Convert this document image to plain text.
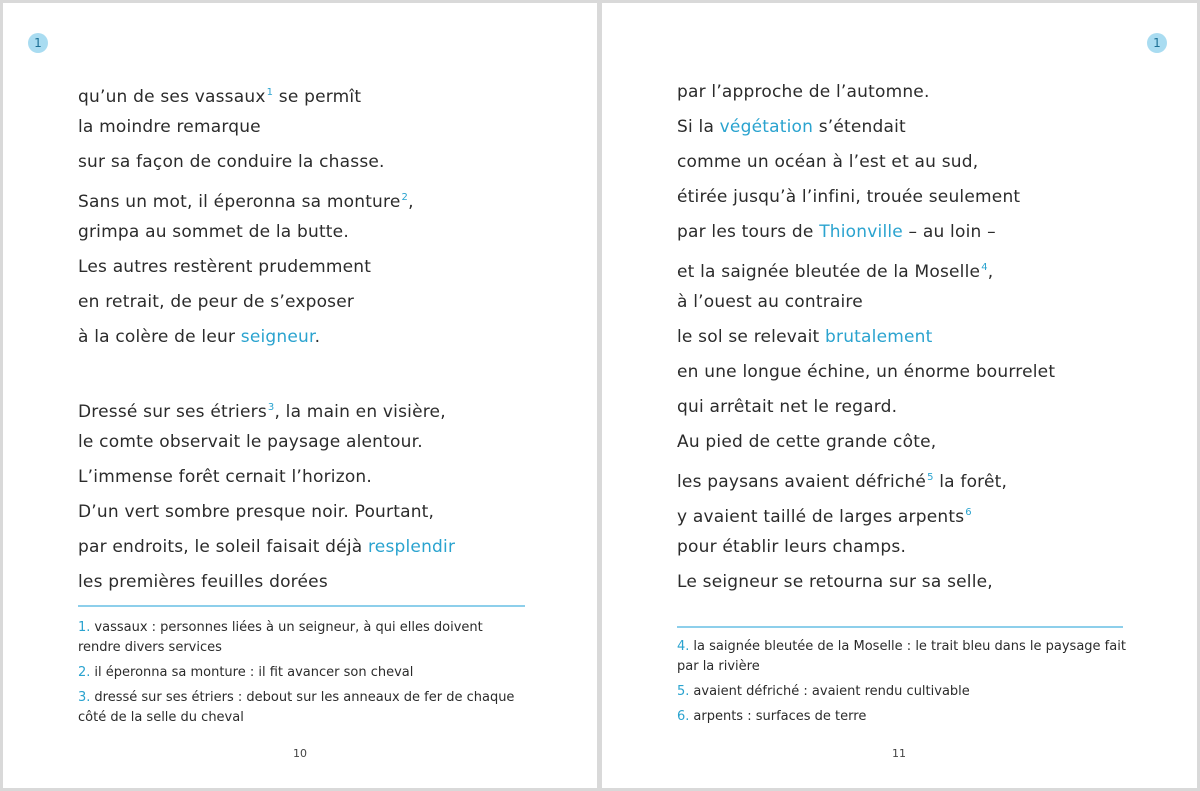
1
qu’un de ses vassaux$^1$ se permît
la moindre remarque
sur sa façon de conduire la chasse.
Sans un mot, il éperonna sa monture$^2$,
grimpa au sommet de la butte.
Les autres restèrent prudemment
en retrait, de peur de s’exposer
à la colère de leur seigneur.
Dressé sur ses étriers$^3$, la main en visière,
le comte observait le paysage alentour.
L’immense forêt cernait l’horizon.
D’un vert sombre presque noir. Pourtant,
par endroits, le soleil faisait déjà resplendir
les premières feuilles dorées
1. vassaux : personnes liées à un seigneur, à qui elles doivent rendre divers services
2. il éperonna sa monture : il fit avancer son cheval
3. dressé sur ses étriers : debout sur les anneaux de fer de chaque côté de la selle du cheval
10
1
par l’approche de l’automne.
Si la végétation s’étendait
comme un océan à l’est et au sud,
étirée jusqu’à l’infini, trouée seulement
par les tours de Thionville – au loin –
et la saignée bleutée de la Moselle$^4$,
à l’ouest au contraire
le sol se relevait brutalement
en une longue échine, un énorme bourrelet
qui arrêtait net le regard.
Au pied de cette grande côte,
les paysans avaient défriché$^5$ la forêt,
y avaient taillé de larges arpents$^6$
pour établir leurs champs.
Le seigneur se retourna sur sa selle,
4. la saignée bleutée de la Moselle : le trait bleu dans le paysage fait par la rivière
5. avaient défriché : avaient rendu cultivable
6. arpents : surfaces de terre
11
